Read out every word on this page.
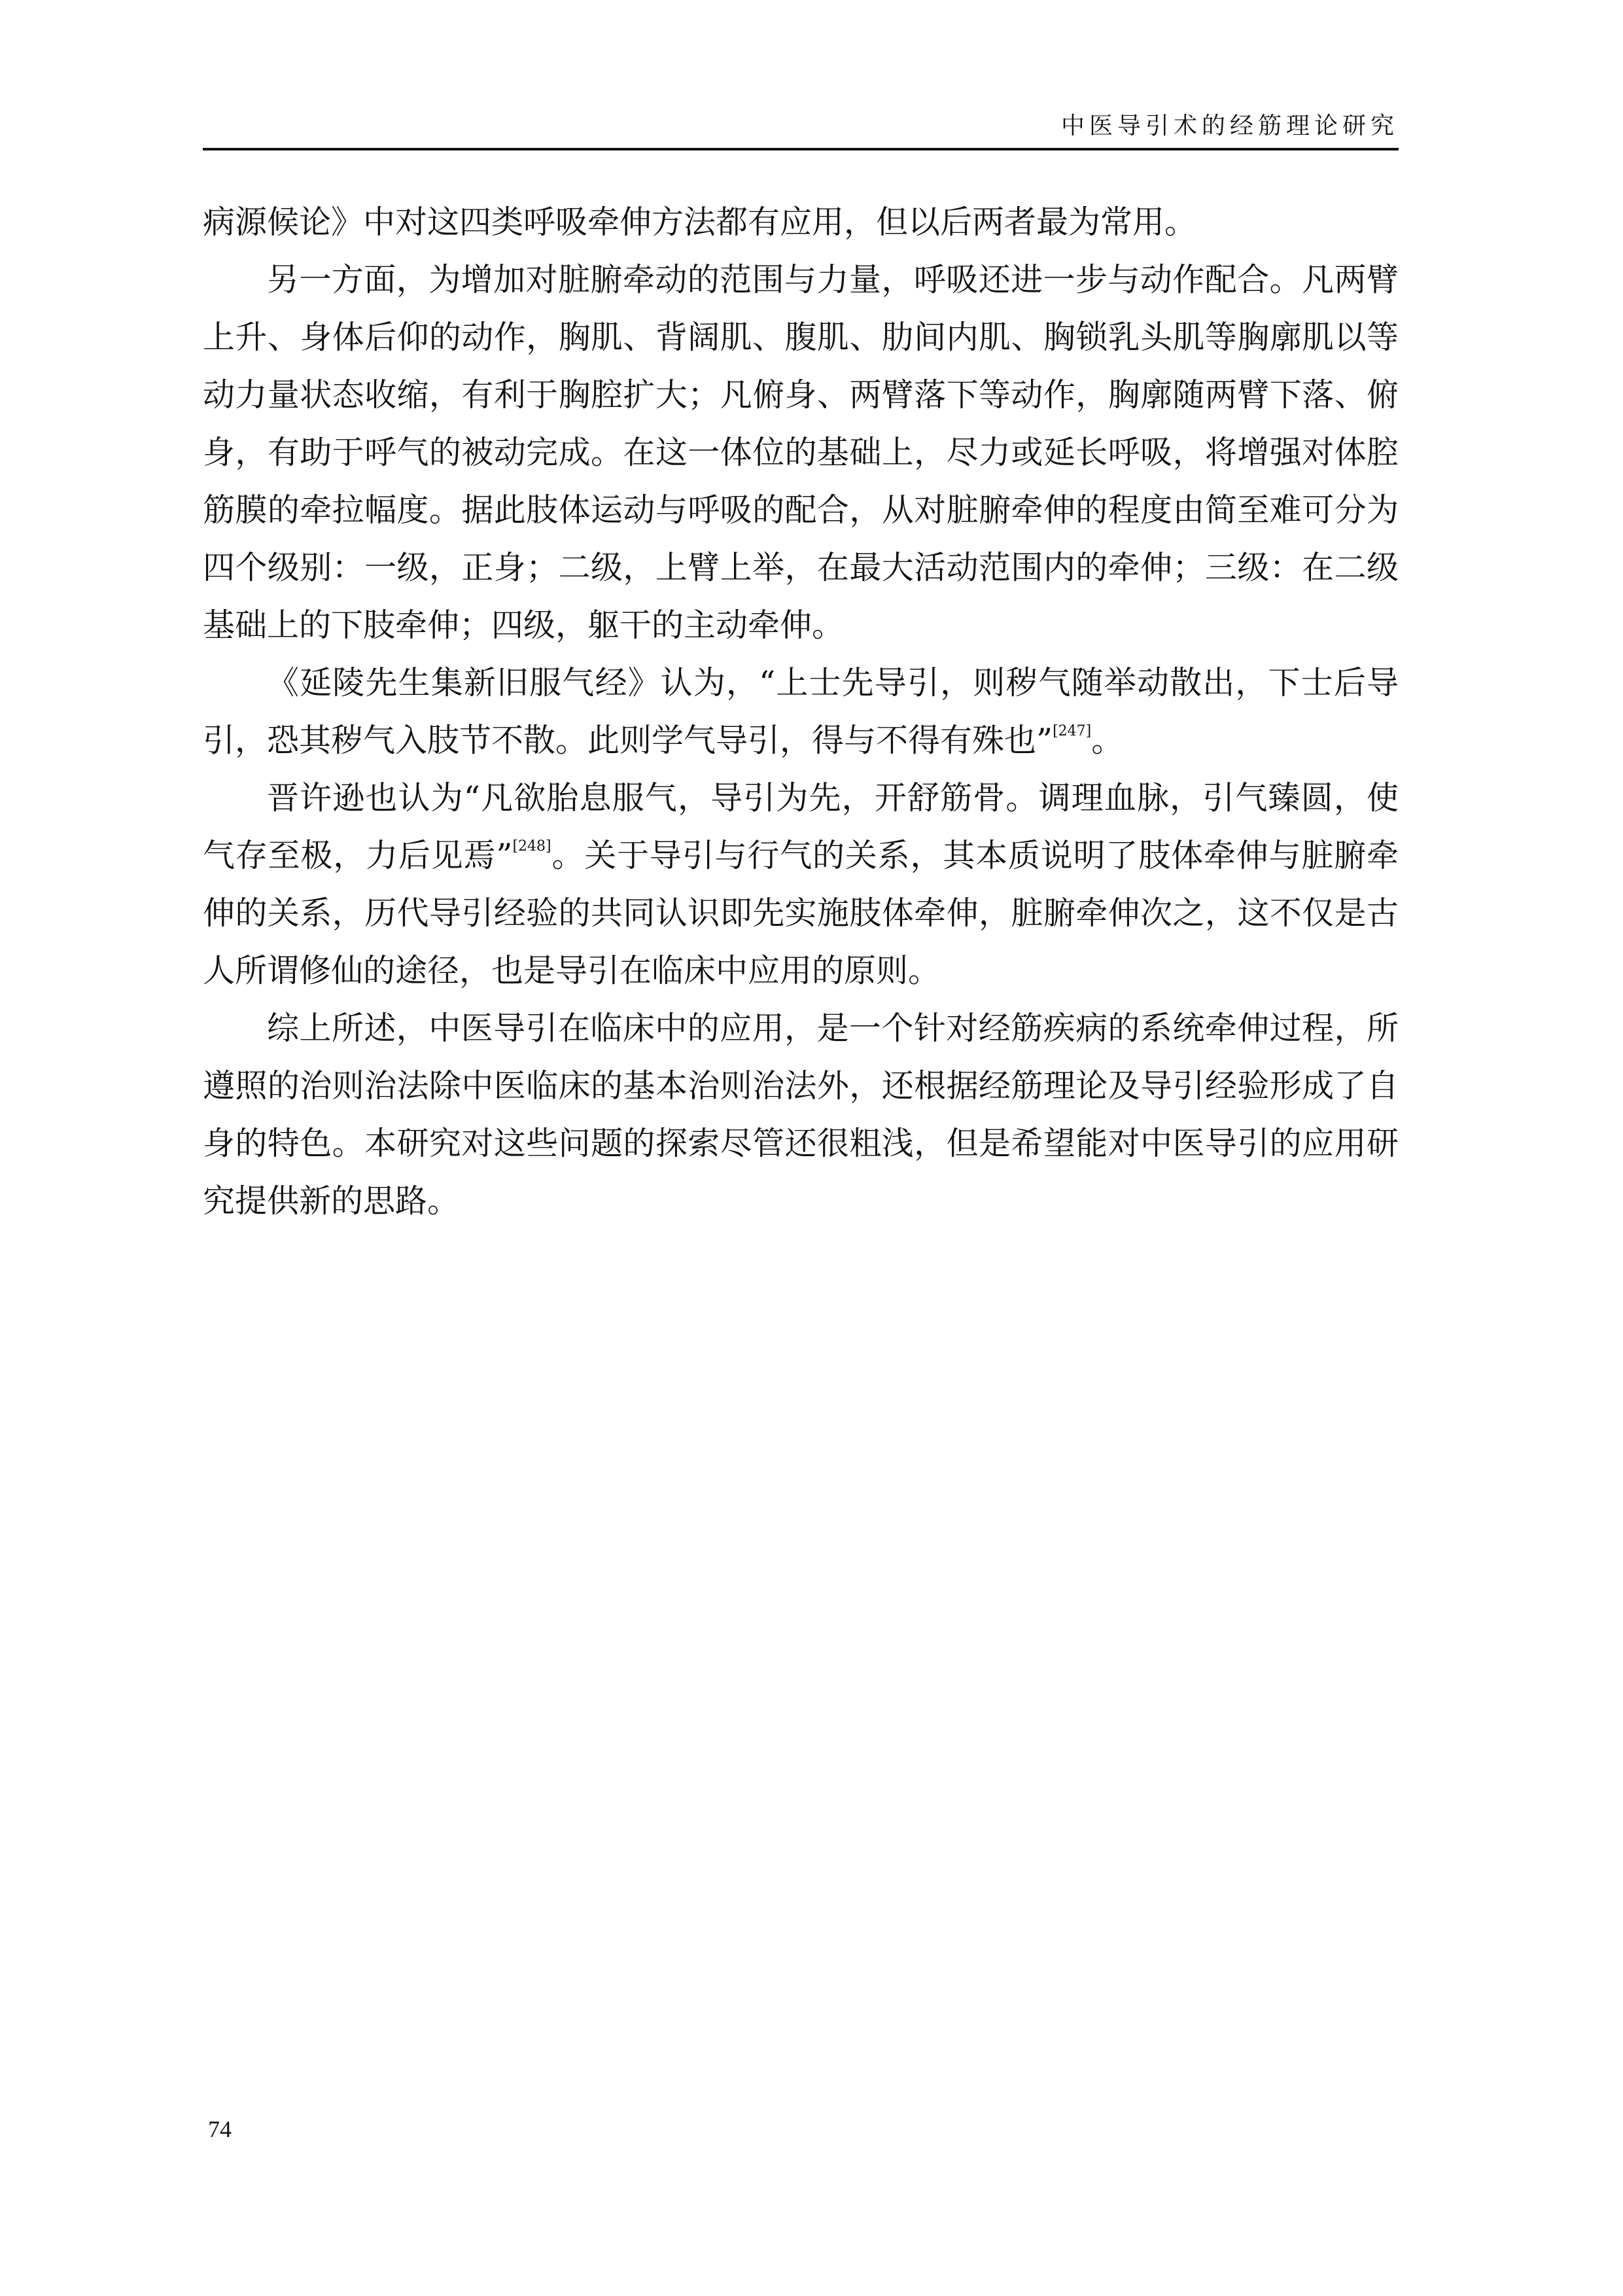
中医导引术的经筋理论研究

病源候论》中对这四类呼吸牵伸方法都有应用，但以后两者最为常用。

另一方面，为增加对脏腑牵动的范围与力量，呼吸还进一步与动作配合。凡两臂上升、身体后仰的动作，胸肌、背阔肌、腹肌、肋间内肌、胸锁乳头肌等胸廓肌以等动力量状态收缩，有利于胸腔扩大；凡俯身、两臂落下等动作，胸廓随两臂下落、俯身，有助于呼气的被动完成。在这一体位的基础上，尽力或延长呼吸，将增强对体腔筋膜的牵拉幅度。据此肢体运动与呼吸的配合，从对脏腑牵伸的程度由简至难可分为四个级别：一级，正身；二级，上臂上举，在最大活动范围内的牵伸；三级：在二级基础上的下肢牵伸；四级，躯干的主动牵伸。

《延陵先生集新旧服气经》认为，“上士先导引，则秽气随举动散出，下士后导引，恐其秽气入肢节不散。此则学气导引，得与不得有殊也”[247]。

晋许逊也认为“凡欲胎息服气，导引为先，开舒筋骨。调理血脉，引气臻圆，使气存至极，力后见焉”[248]。关于导引与行气的关系，其本质说明了肢体牵伸与脏腑牵伸的关系，历代导引经验的共同认识即先实施肢体牵伸，脏腑牵伸次之，这不仅是古人所谓修仙的途径，也是导引在临床中应用的原则。

综上所述，中医导引在临床中的应用，是一个针对经筋疾病的系统牵伸过程，所遵照的治则治法除中医临床的基本治则治法外，还根据经筋理论及导引经验形成了自身的特色。本研究对这些问题的探索尽管还很粗浅，但是希望能对中医导引的应用研究提供新的思路。

74
